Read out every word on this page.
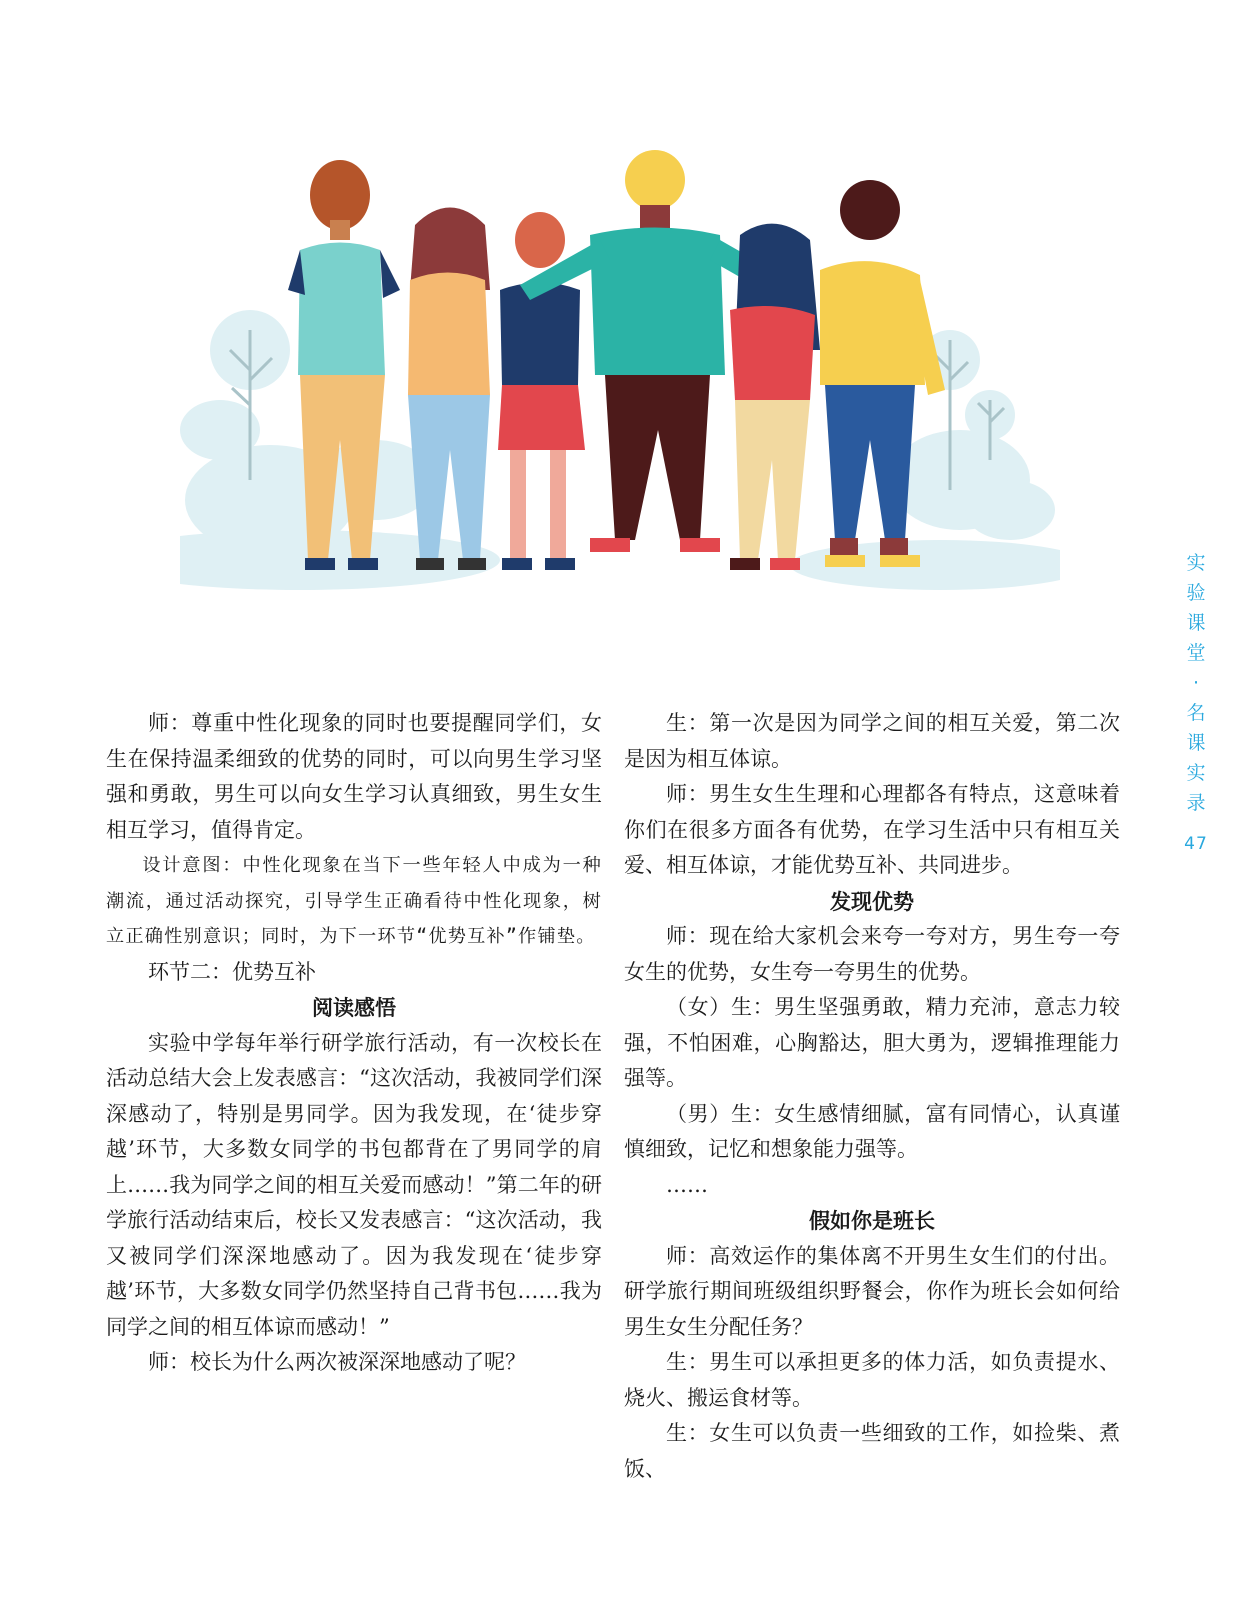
实
验
课
堂
·
名
课
实
录
47

师：尊重中性化现象的同时也要提醒同学们，女生在保持温柔细致的优势的同时，可以向男生学习坚强和勇敢，男生可以向女生学习认真细致，男生女生相互学习，值得肯定。

设计意图：中性化现象在当下一些年轻人中成为一种潮流，通过活动探究，引导学生正确看待中性化现象，树立正确性别意识；同时，为下一环节“优势互补”作铺垫。

环节二：优势互补

阅读感悟

实验中学每年举行研学旅行活动，有一次校长在活动总结大会上发表感言：“这次活动，我被同学们深深感动了，特别是男同学。因为我发现，在‘徒步穿越’环节，大多数女同学的书包都背在了男同学的肩上……我为同学之间的相互关爱而感动！”第二年的研学旅行活动结束后，校长又发表感言：“这次活动，我又被同学们深深地感动了。因为我发现在‘徒步穿越’环节，大多数女同学仍然坚持自己背书包……我为同学之间的相互体谅而感动！”

师：校长为什么两次被深深地感动了呢？

生：第一次是因为同学之间的相互关爱，第二次是因为相互体谅。

师：男生女生生理和心理都各有特点，这意味着你们在很多方面各有优势，在学习生活中只有相互关爱、相互体谅，才能优势互补、共同进步。

发现优势

师：现在给大家机会来夸一夸对方，男生夸一夸女生的优势，女生夸一夸男生的优势。

（女）生：男生坚强勇敢，精力充沛，意志力较强，不怕困难，心胸豁达，胆大勇为，逻辑推理能力强等。

（男）生：女生感情细腻，富有同情心，认真谨慎细致，记忆和想象能力强等。

……

假如你是班长

师：高效运作的集体离不开男生女生们的付出。研学旅行期间班级组织野餐会，你作为班长会如何给男生女生分配任务？

生：男生可以承担更多的体力活，如负责提水、烧火、搬运食材等。

生：女生可以负责一些细致的工作，如捡柴、煮饭、
